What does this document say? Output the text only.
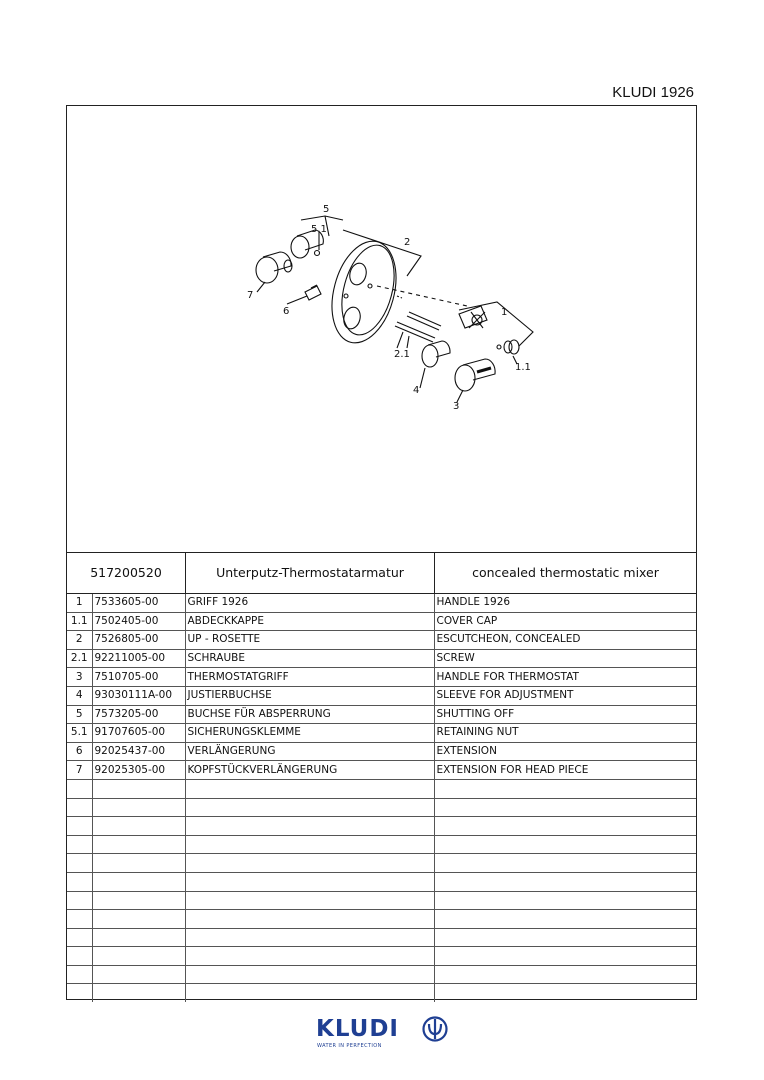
KLUDI 1926
5
5.1
2
7
6	1
2.1
4
1.1
3
517200520	Unterputz-Thermostatarmatur	concealed thermostatic mixer
1	7533605-00	GRIFF 1926	HANDLE 1926
1.1	7502405-00	ABDECKKAPPE	COVER CAP
2	7526805-00	UP - ROSETTE	ESCUTCHEON, CONCEALED
2.1	92211005-00	SCHRAUBE	SCREW
3	7510705-00	THERMOSTATGRIFF	HANDLE FOR THERMOSTAT
4	93030111A-00	JUSTIERBUCHSE	SLEEVE FOR ADJUSTMENT
5	7573205-00	BUCHSE FÜR ABSPERRUNG	SHUTTING OFF
5.1	91707605-00	SICHERUNGSKLEMME	RETAINING NUT
6	92025437-00	VERLÄNGERUNG	EXTENSION
7	92025305-00	KOPFSTÜCKVERLÄNGERUNG	EXTENSION FOR HEAD PIECE

KLUDI
WATER IN PERFECTION
